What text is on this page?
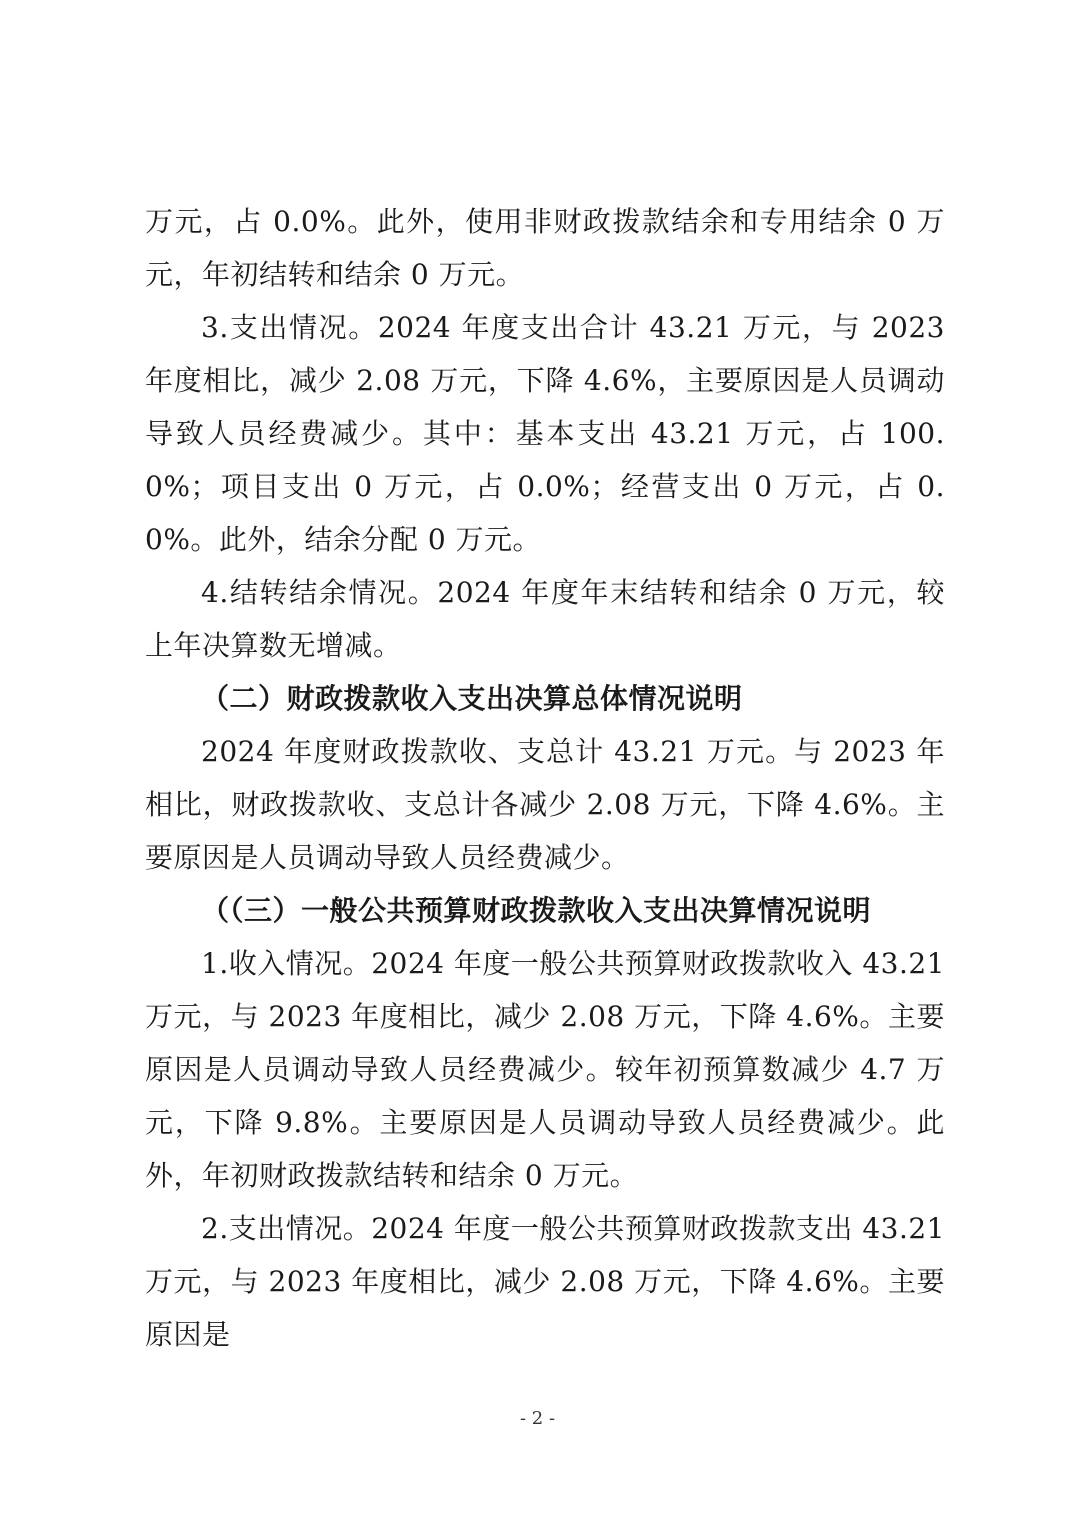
万元，占 0.0%。此外，使用非财政拨款结余和专用结余 0 万元，年初结转和结余 0 万元。

3.支出情况。2024 年度支出合计 43.21 万元，与 2023 年度相比，减少 2.08 万元，下降 4.6%，主要原因是人员调动导致人员经费减少。其中：基本支出 43.21 万元，占 100.0%；项目支出 0 万元，占 0.0%；经营支出 0 万元，占 0.0%。此外，结余分配 0 万元。

4.结转结余情况。2024 年度年末结转和结余 0 万元，较上年决算数无增减。

（二）财政拨款收入支出决算总体情况说明

2024 年度财政拨款收、支总计 43.21 万元。与 2023 年相比，财政拨款收、支总计各减少 2.08 万元，下降 4.6%。主要原因是人员调动导致人员经费减少。

（（三）一般公共预算财政拨款收入支出决算情况说明

1.收入情况。2024 年度一般公共预算财政拨款收入 43.21 万元，与 2023 年度相比，减少 2.08 万元，下降 4.6%。主要原因是人员调动导致人员经费减少。较年初预算数减少 4.7 万元，下降 9.8%。主要原因是人员调动导致人员经费减少。此外，年初财政拨款结转和结余 0 万元。

2.支出情况。2024 年度一般公共预算财政拨款支出 43.21 万元，与 2023 年度相比，减少 2.08 万元，下降 4.6%。主要原因是

- 2 -
